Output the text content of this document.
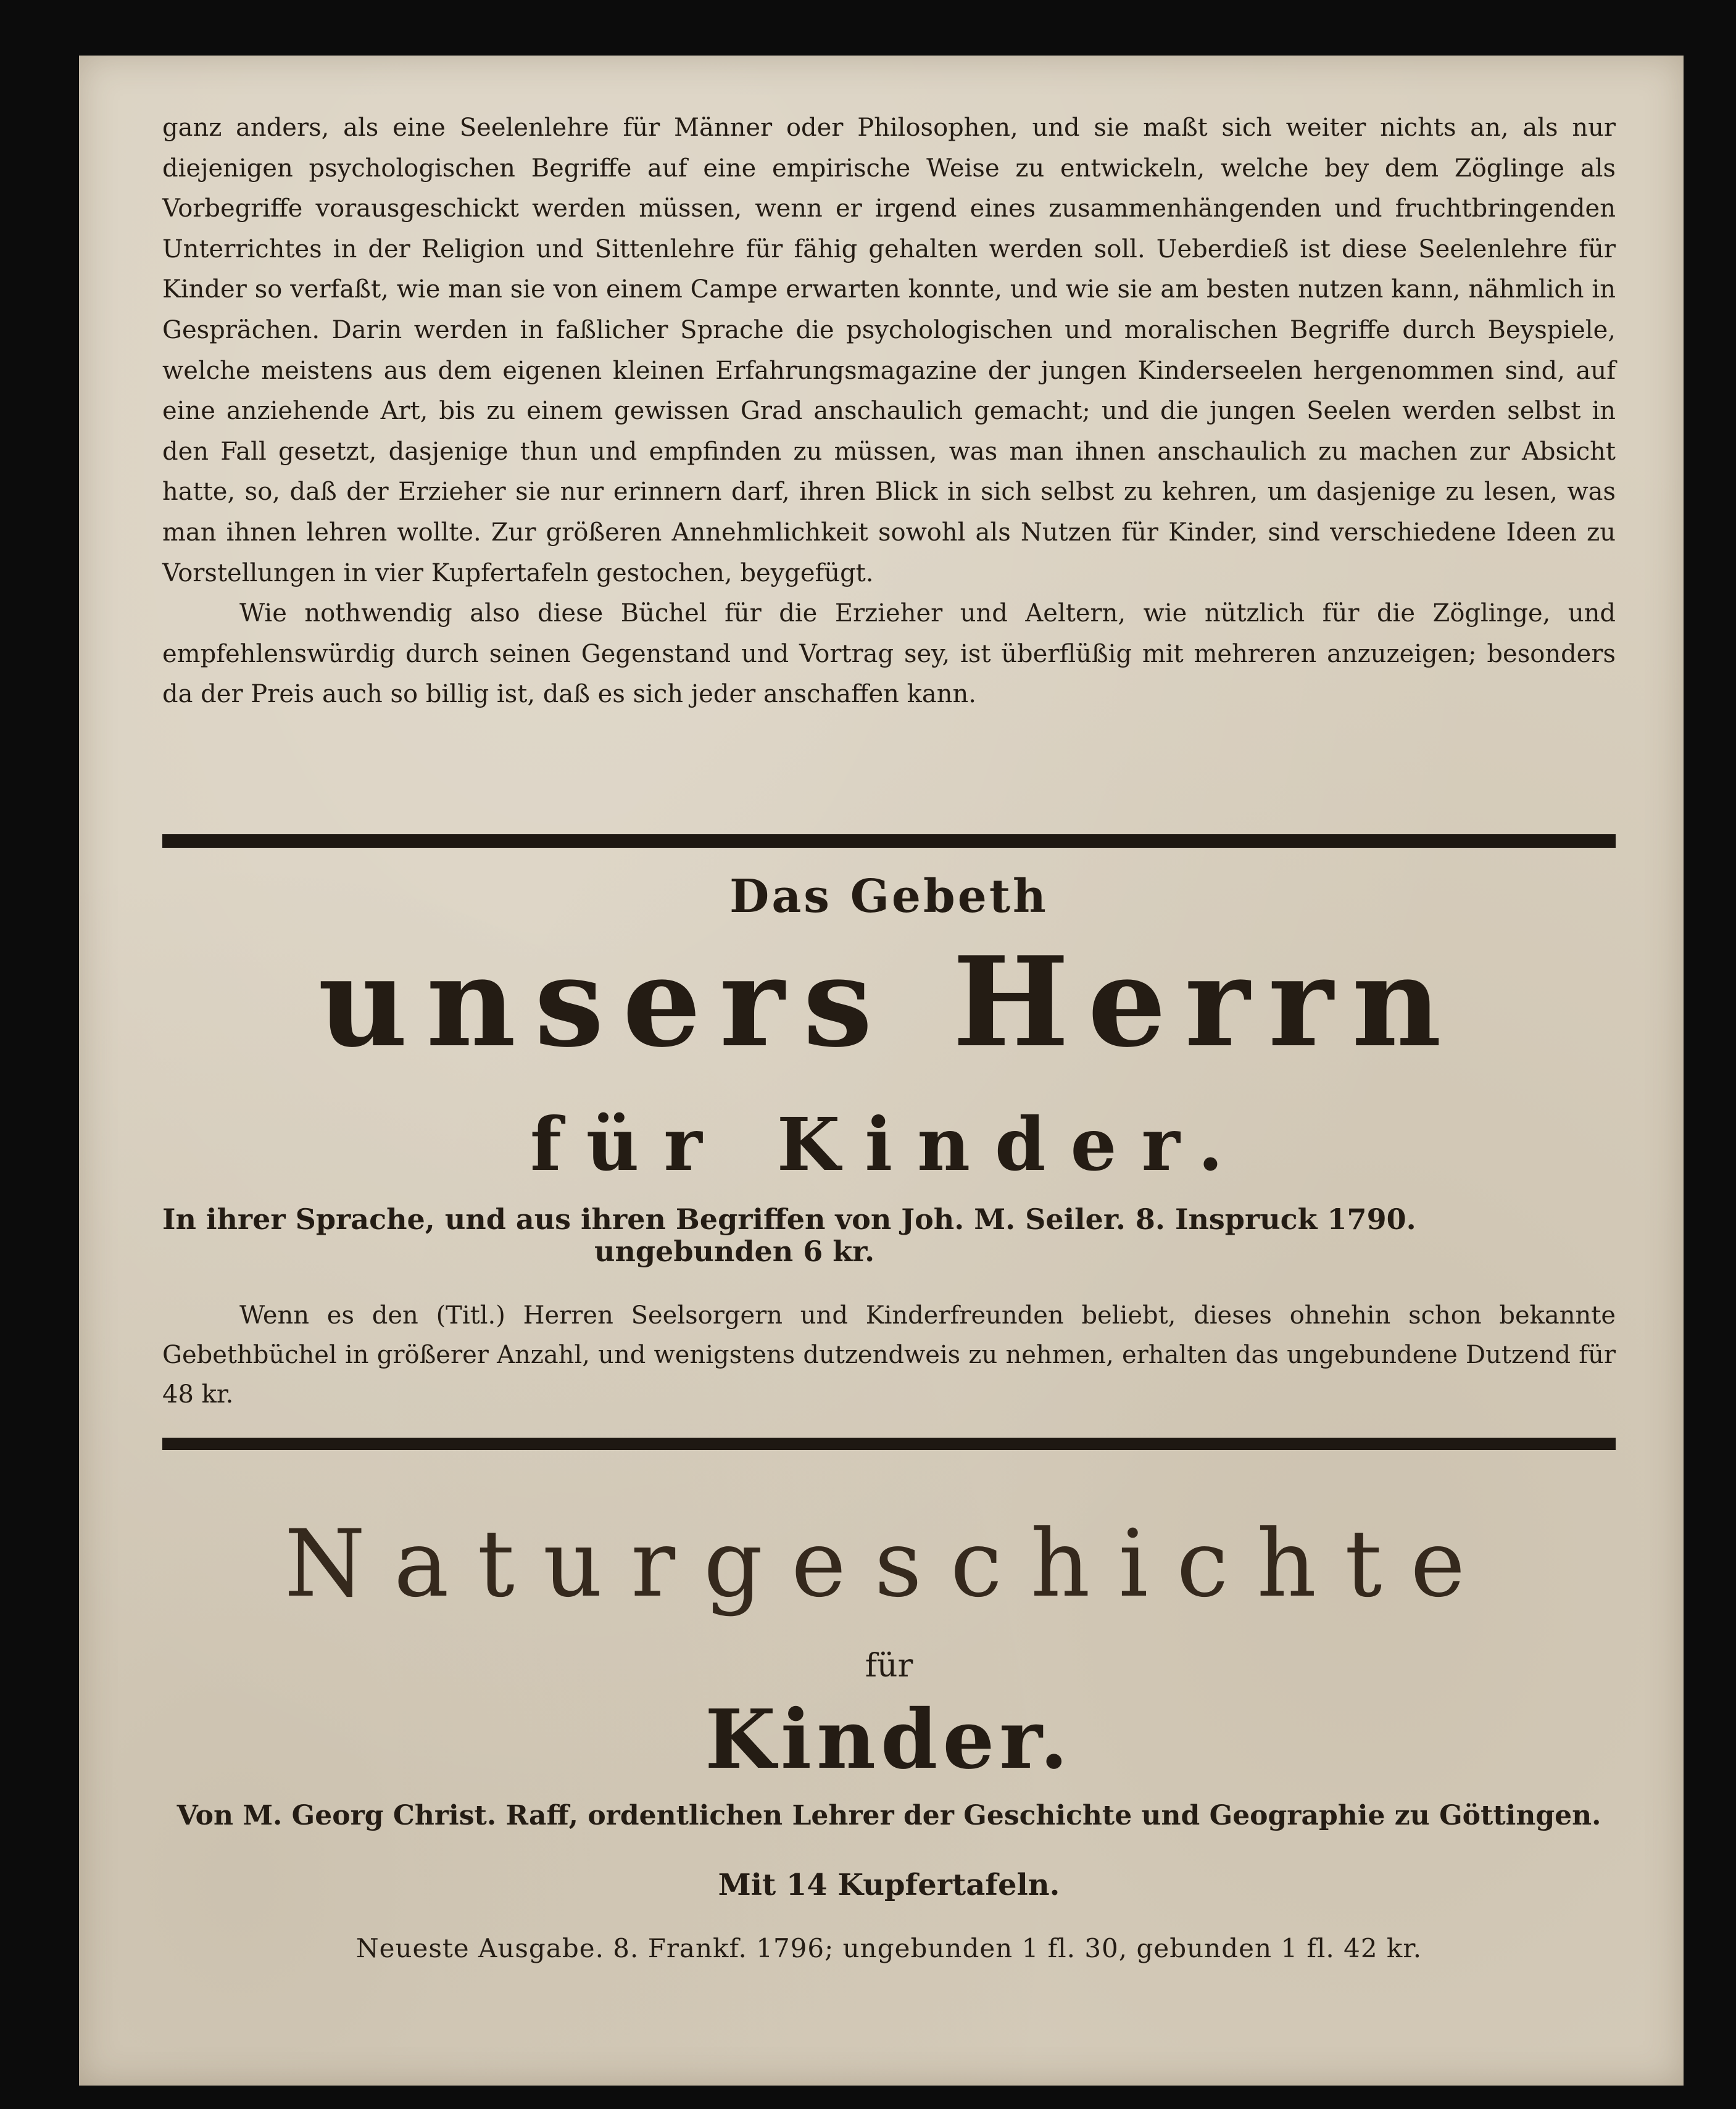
ganz anders, als eine Seelenlehre für Männer oder Philosophen, und sie maßt sich weiter nichts an, als nur diejenigen psychologischen Begriffe auf eine empirische Weise zu entwickeln, welche bey dem Zöglinge als Vorbegriffe vorausgeschickt werden müssen, wenn er irgend eines zusammenhängenden und fruchtbringenden Unterrichtes in der Religion und Sittenlehre für fähig gehalten werden soll. Ueberdieß ist diese Seelenlehre für Kinder so verfaßt, wie man sie von einem Campe erwarten konnte, und wie sie am besten nutzen kann, nähmlich in Gesprächen. Darin werden in faßlicher Sprache die psychologischen und moralischen Begriffe durch Beyspiele, welche meistens aus dem eigenen kleinen Erfahrungsmagazine der jungen Kinderseelen hergenommen sind, auf eine anziehende Art, bis zu einem gewissen Grad anschaulich gemacht; und die jungen Seelen werden selbst in den Fall gesetzt, dasjenige thun und empfinden zu müssen, was man ihnen anschaulich zu machen zur Absicht hatte, so, daß der Erzieher sie nur erinnern darf, ihren Blick in sich selbst zu kehren, um dasjenige zu lesen, was man ihnen lehren wollte. Zur größeren Annehmlichkeit sowohl als Nutzen für Kinder, sind verschiedene Ideen zu Vorstellungen in vier Kupfertafeln gestochen, beygefügt.

Wie nothwendig also diese Büchel für die Erzieher und Aeltern, wie nützlich für die Zöglinge, und empfehlenswürdig durch seinen Gegenstand und Vortrag sey, ist überflüßig mit mehreren anzuzeigen; besonders da der Preis auch so billig ist, daß es sich jeder anschaffen kann.

Das Gebeth
unsers Herrn
für Kinder.
In ihrer Sprache, und aus ihren Begriffen von Joh. M. Seiler. 8. Inspruck 1790.
ungebunden 6 kr.

Wenn es den (Titl.) Herren Seelsorgern und Kinderfreunden beliebt, dieses ohnehin schon bekannte Gebethbüchel in größerer Anzahl, und wenigstens dutzendweis zu nehmen, erhalten das ungebundene Dutzend für 48 kr.

Naturgeschichte
für
Kinder.
Von M. Georg Christ. Raff, ordentlichen Lehrer der Geschichte und Geographie zu Göttingen.
Mit 14 Kupfertafeln.
Neueste Ausgabe. 8. Frankf. 1796; ungebunden 1 fl. 30, gebunden 1 fl. 42 kr.
